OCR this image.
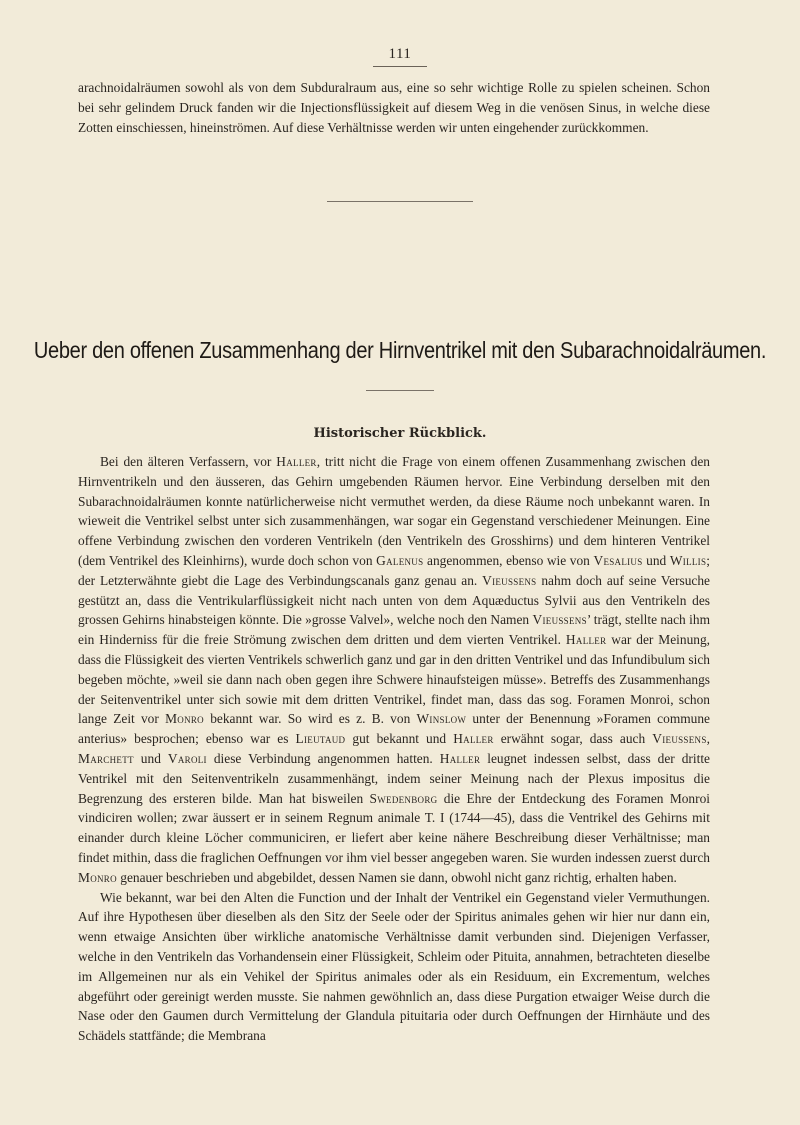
111

arachnoidalräumen sowohl als von dem Subduralraum aus, eine so sehr wichtige Rolle zu spielen scheinen. Schon bei sehr gelindem Druck fanden wir die Injectionsflüssigkeit auf diesem Weg in die venösen Sinus, in welche diese Zotten einschiessen, hineinströmen. Auf diese Verhältnisse werden wir unten eingehender zurückkommen.

Ueber den offenen Zusammenhang der Hirnventrikel mit den Subarachnoidalräumen.
Historischer Rückblick.

Bei den älteren Verfassern, vor Haller, tritt nicht die Frage von einem offenen Zusammenhang zwischen den Hirnventrikeln und den äusseren, das Gehirn umgebenden Räumen hervor. Eine Verbindung derselben mit den Subarachnoidalräumen konnte natürlicherweise nicht vermuthet werden, da diese Räume noch unbekannt waren. In wieweit die Ventrikel selbst unter sich zusammenhängen, war sogar ein Gegenstand verschiedener Meinungen. Eine offene Verbindung zwischen den vorderen Ventrikeln (den Ventrikeln des Grosshirns) und dem hinteren Ventrikel (dem Ventrikel des Kleinhirns), wurde doch schon von Galenus angenommen, ebenso wie von Vesalius und Willis; der Letzterwähnte giebt die Lage des Verbindungscanals ganz genau an. Vieussens nahm doch auf seine Versuche gestützt an, dass die Ventrikularflüssigkeit nicht nach unten von dem Aquæductus Sylvii aus den Ventrikeln des grossen Gehirns hinabsteigen könnte. Die »grosse Valvel», welche noch den Namen Vieussens’ trägt, stellte nach ihm ein Hinderniss für die freie Strömung zwischen dem dritten und dem vierten Ventrikel. Haller war der Meinung, dass die Flüssigkeit des vierten Ventrikels schwerlich ganz und gar in den dritten Ventrikel und das Infundibulum sich begeben möchte, »weil sie dann nach oben gegen ihre Schwere hinaufsteigen müsse». Betreffs des Zusammenhangs der Seitenventrikel unter sich sowie mit dem dritten Ventrikel, findet man, dass das sog. Foramen Monroi, schon lange Zeit vor Monro bekannt war. So wird es z. B. von Winslow unter der Benennung »Foramen commune anterius» besprochen; ebenso war es Lieutaud gut bekannt und Haller erwähnt sogar, dass auch Vieussens, Marchett und Varoli diese Verbindung angenommen hatten. Haller leugnet indessen selbst, dass der dritte Ventrikel mit den Seitenventrikeln zusammenhängt, indem seiner Meinung nach der Plexus impositus die Begrenzung des ersteren bilde. Man hat bisweilen Swedenborg die Ehre der Entdeckung des Foramen Monroi vindiciren wollen; zwar äussert er in seinem Regnum animale T. I (1744—45), dass die Ventrikel des Gehirns mit einander durch kleine Löcher communiciren, er liefert aber keine nähere Beschreibung dieser Verhältnisse; man findet mithin, dass die fraglichen Oeffnungen vor ihm viel besser angegeben waren. Sie wurden indessen zuerst durch Monro genauer beschrieben und abgebildet, dessen Namen sie dann, obwohl nicht ganz richtig, erhalten haben.

Wie bekannt, war bei den Alten die Function und der Inhalt der Ventrikel ein Gegenstand vieler Vermuthungen. Auf ihre Hypothesen über dieselben als den Sitz der Seele oder der Spiritus animales gehen wir hier nur dann ein, wenn etwaige Ansichten über wirkliche anatomische Verhältnisse damit verbunden sind. Diejenigen Verfasser, welche in den Ventrikeln das Vorhandensein einer Flüssigkeit, Schleim oder Pituita, annahmen, betrachteten dieselbe im Allgemeinen nur als ein Vehikel der Spiritus animales oder als ein Residuum, ein Excrementum, welches abgeführt oder gereinigt werden musste. Sie nahmen gewöhnlich an, dass diese Purgation etwaiger Weise durch die Nase oder den Gaumen durch Vermittelung der Glandula pituitaria oder durch Oeffnungen der Hirnhäute und des Schädels stattfände; die Membrana
